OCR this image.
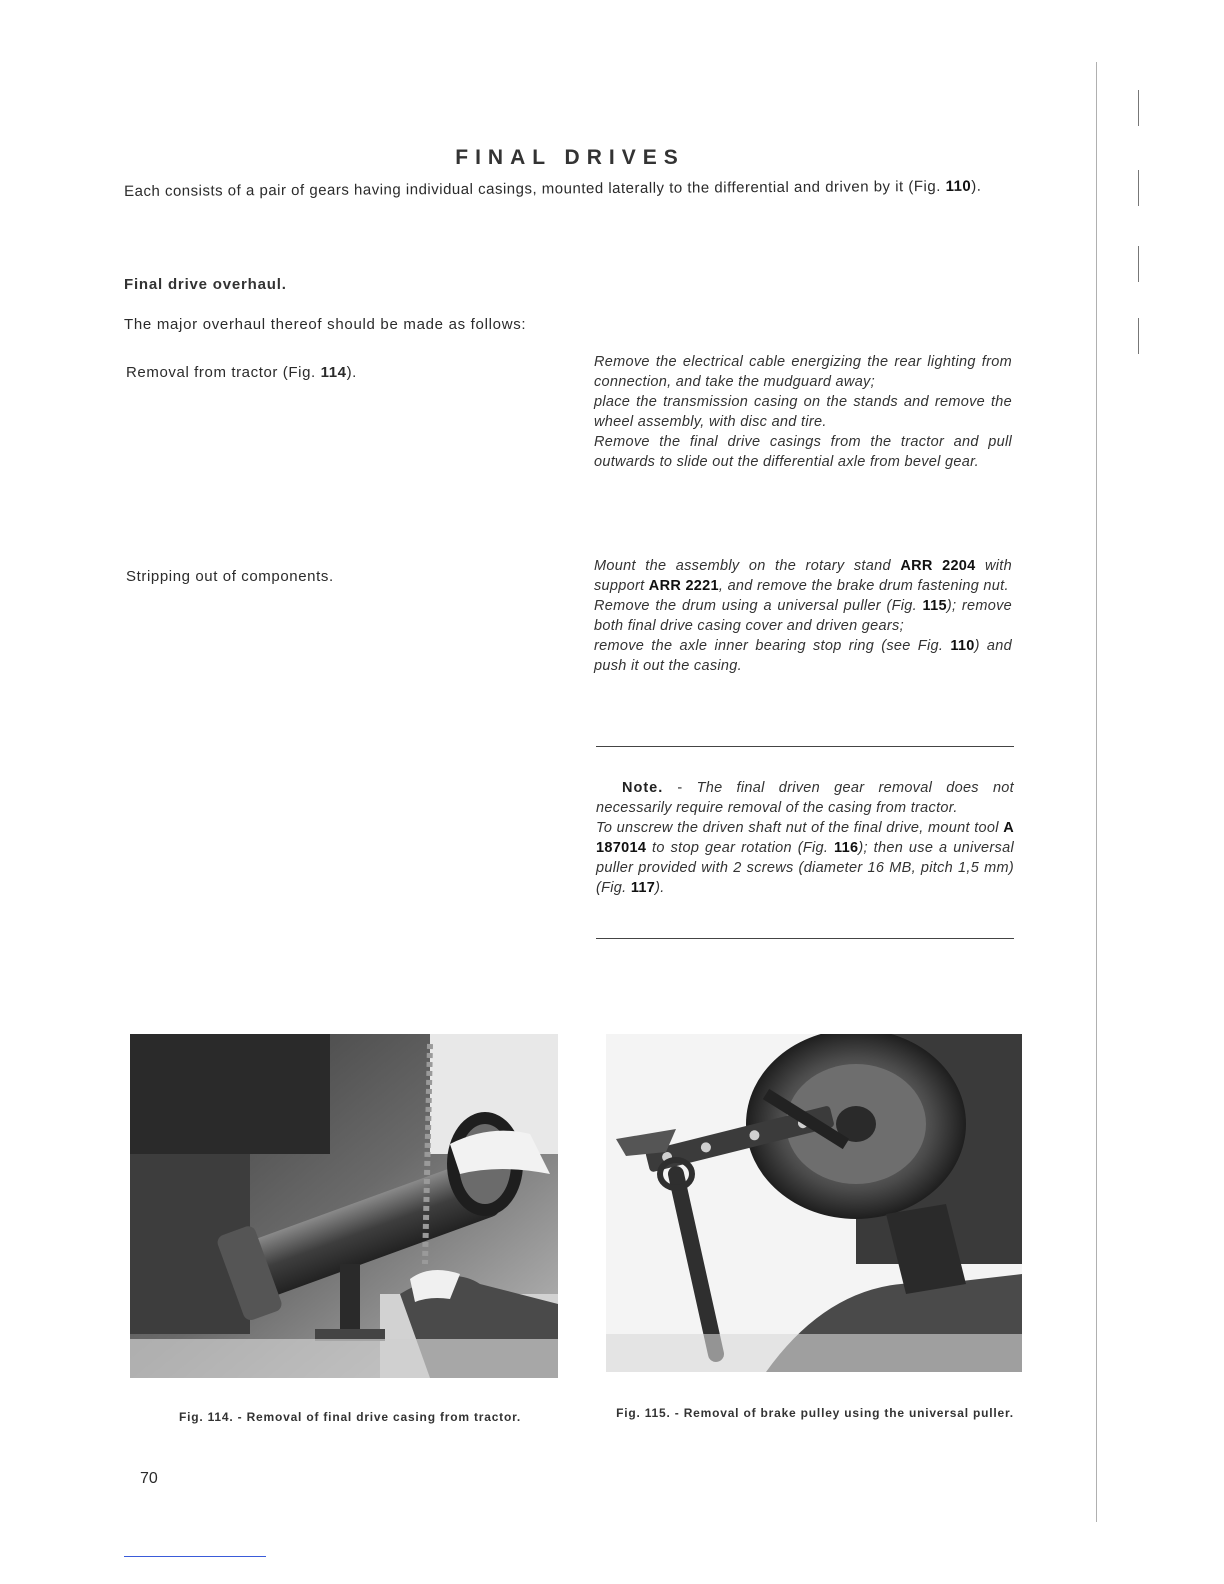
FINAL DRIVES
Each consists of a pair of gears having individual casings, mounted laterally to the differential and driven by it (Fig. 110).
Final drive overhaul.
The major overhaul thereof should be made as follows:
Removal from tractor (Fig. 114).

Remove the electrical cable energizing the rear lighting from connection, and take the mudguard away;

place the transmission casing on the stands and remove the wheel assembly, with disc and tire.

Remove the final drive casings from the tractor and pull outwards to slide out the differential axle from bevel gear.

Stripping out of components.

Mount the assembly on the rotary stand ARR 2204 with support ARR 2221, and remove the brake drum fastening nut.

Remove the drum using a universal puller (Fig. 115); remove both final drive casing cover and driven gears;

remove the axle inner bearing stop ring (see Fig. 110) and push it out the casing.

Note. - The final driven gear removal does not necessarily require removal of the casing from tractor.

To unscrew the driven shaft nut of the final drive, mount tool A 187014 to stop gear rotation (Fig. 116); then use a universal puller provided with 2 screws (diameter 16 MB, pitch 1,5 mm) (Fig. 117).

Fig. 114. - Removal of final drive casing from tractor.	Fig. 115. - Removal of brake pulley using the universal puller.
70
